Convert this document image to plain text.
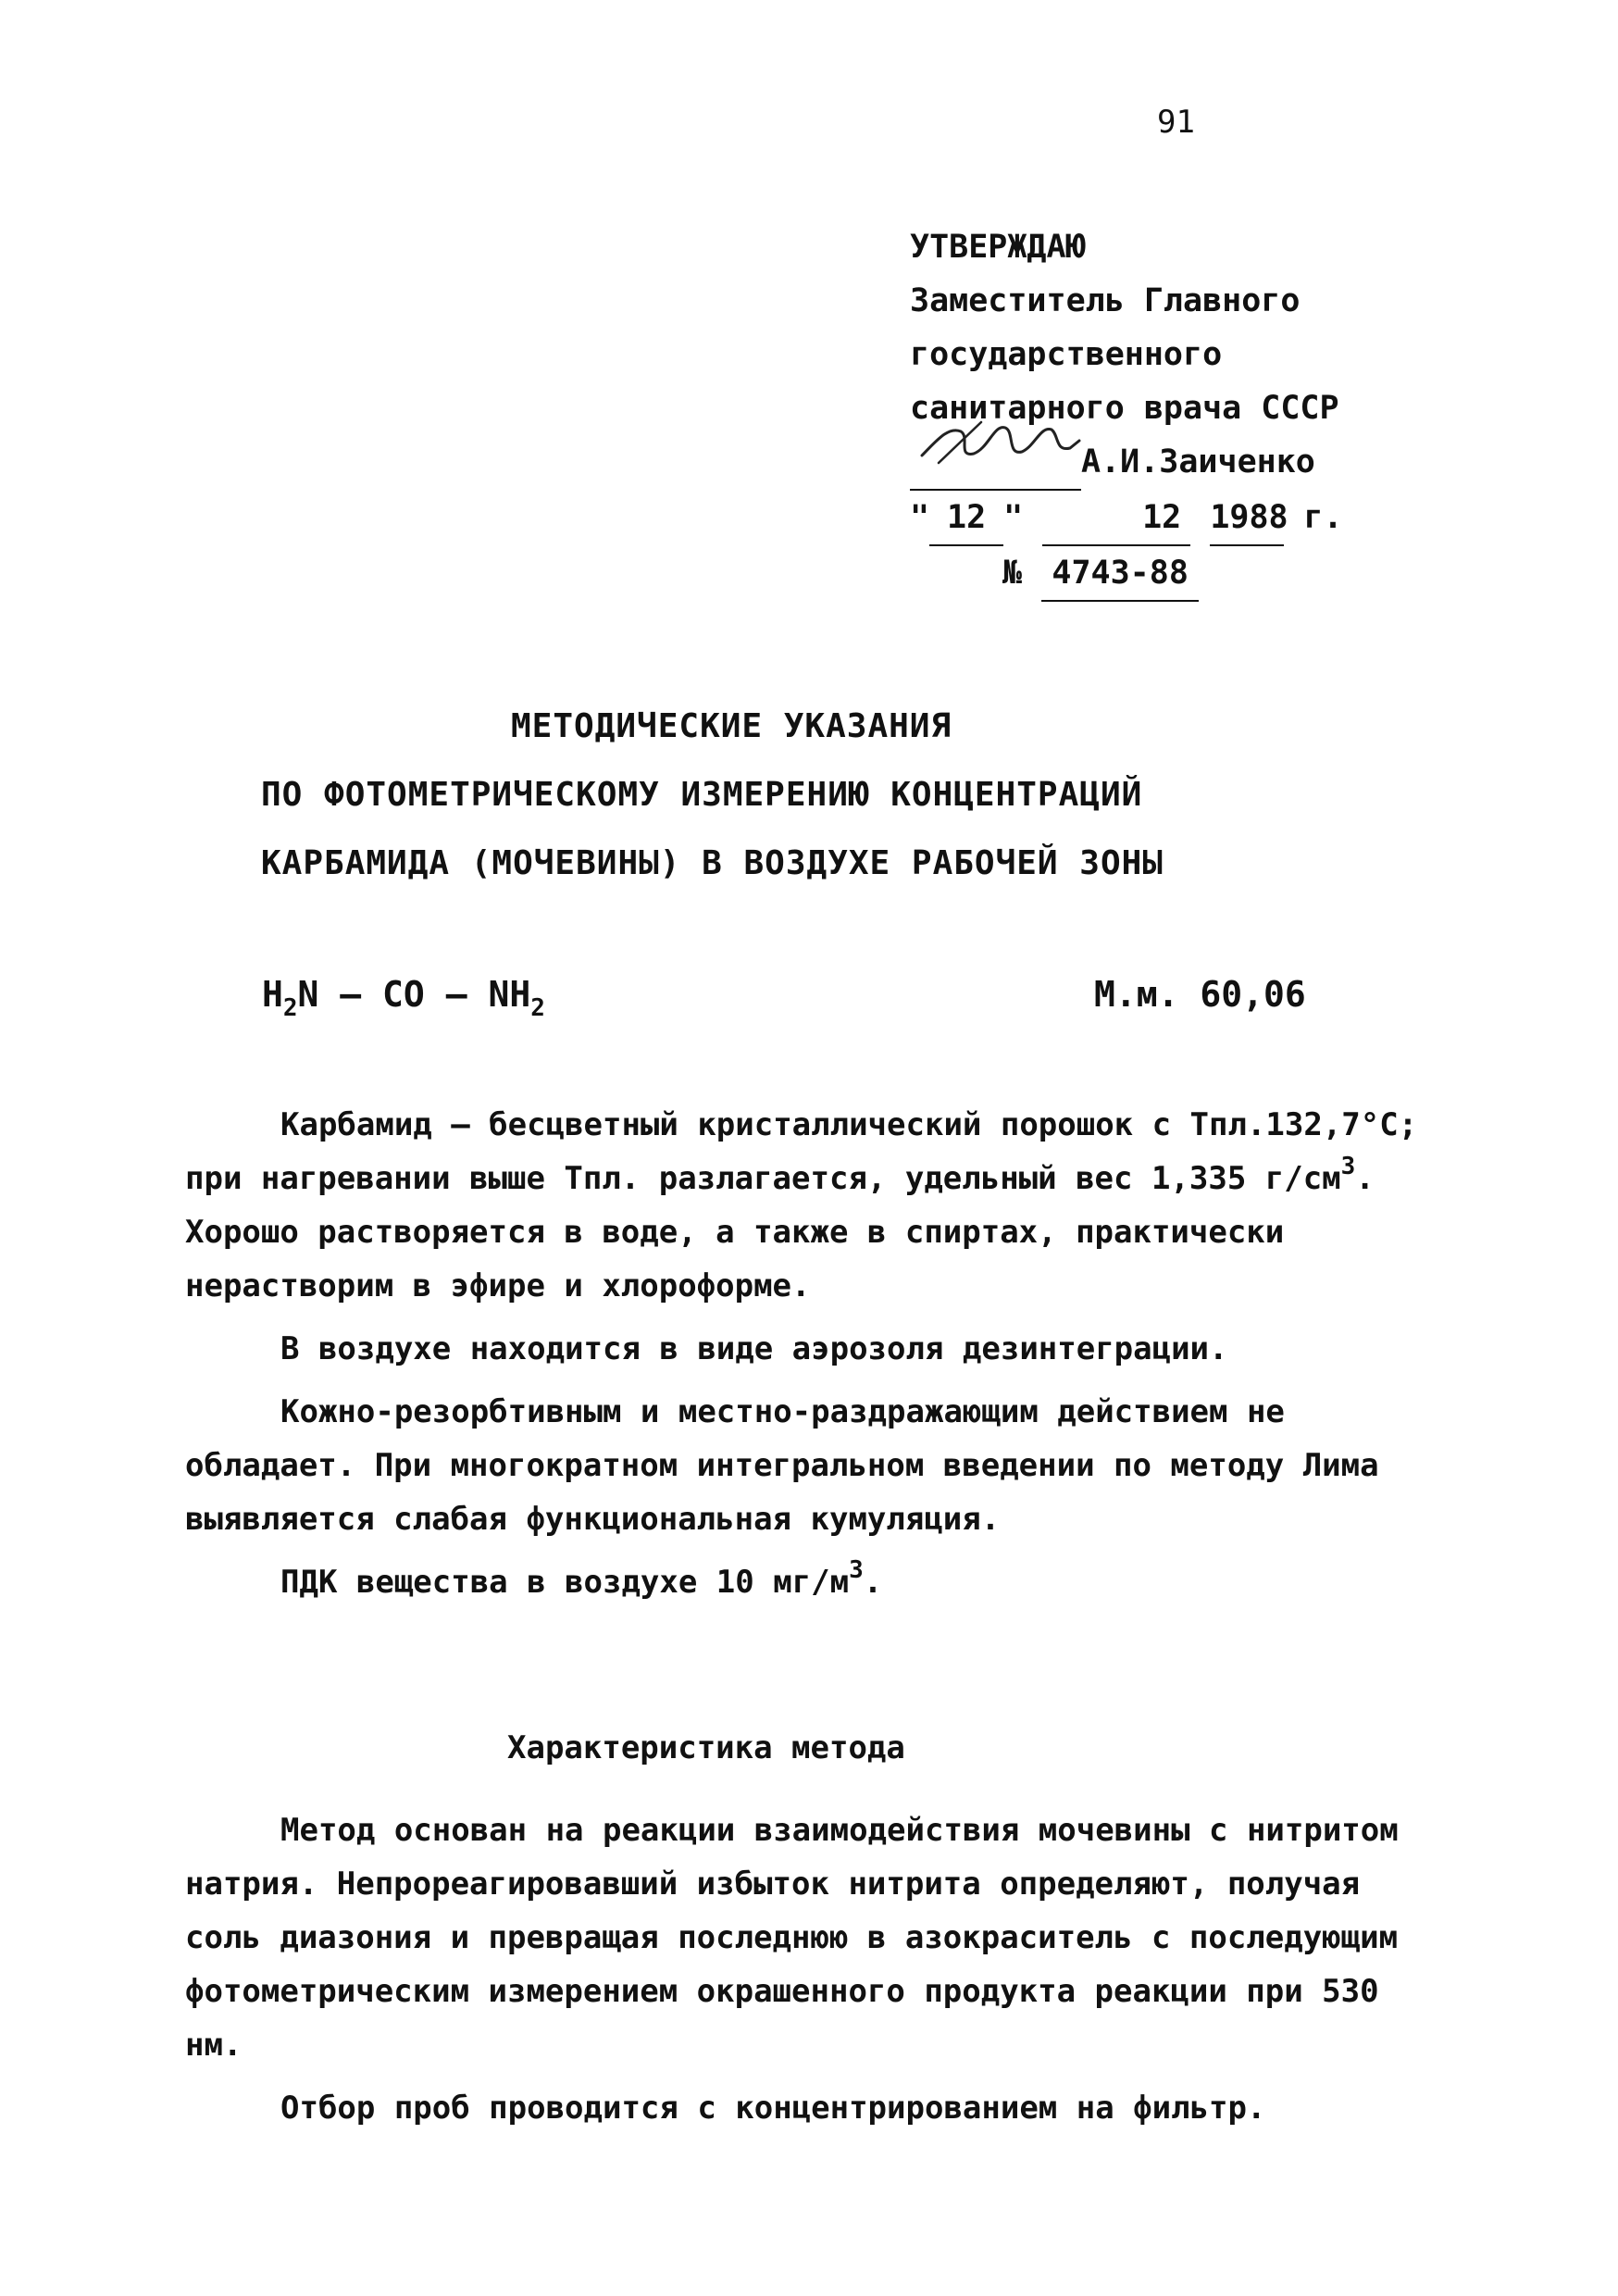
91
УТВЕРЖДАЮ
Заместитель Главного
государственного
санитарного врача СССР
А.И.Заиченко
" 12 "	12 1988 г.
№ 4743-88
МЕТОДИЧЕСКИЕ УКАЗАНИЯ
ПО ФОТОМЕТРИЧЕСКОМУ ИЗМЕРЕНИЮ КОНЦЕНТРАЦИЙ
КАРБАМИДА (МОЧЕВИНЫ) В ВОЗДУХЕ РАБОЧЕЙ ЗОНЫ
$H_2N$ – CO – $NH_2$	М.м. 60,06

Карбамид – бесцветный кристаллический порошок с Тпл.132,7°С; при нагревании выше Тпл. разлагается, удельный вес 1,335 $г/см^3$. Хорошо растворяется в воде, а также в спиртах, практически нерастворим в эфире и хлороформе.

В воздухе находится в виде аэрозоля дезинтеграции.

Кожно-резорбтивным и местно-раздражающим действием не обладает. При многократном интегральном введении по методу Лима выявляется слабая функциональная кумуляция.

ПДК вещества в воздухе 10 $мг/м^3$.

Характеристика метода

Метод основан на реакции взаимодействия мочевины с нитритом натрия. Непрореагировавший избыток нитрита определяют, получая соль диазония и превращая последнюю в азокраситель с последующим фотометрическим измерением окрашенного продукта реакции при 530 нм.

Отбор проб проводится с концентрированием на фильтр.
